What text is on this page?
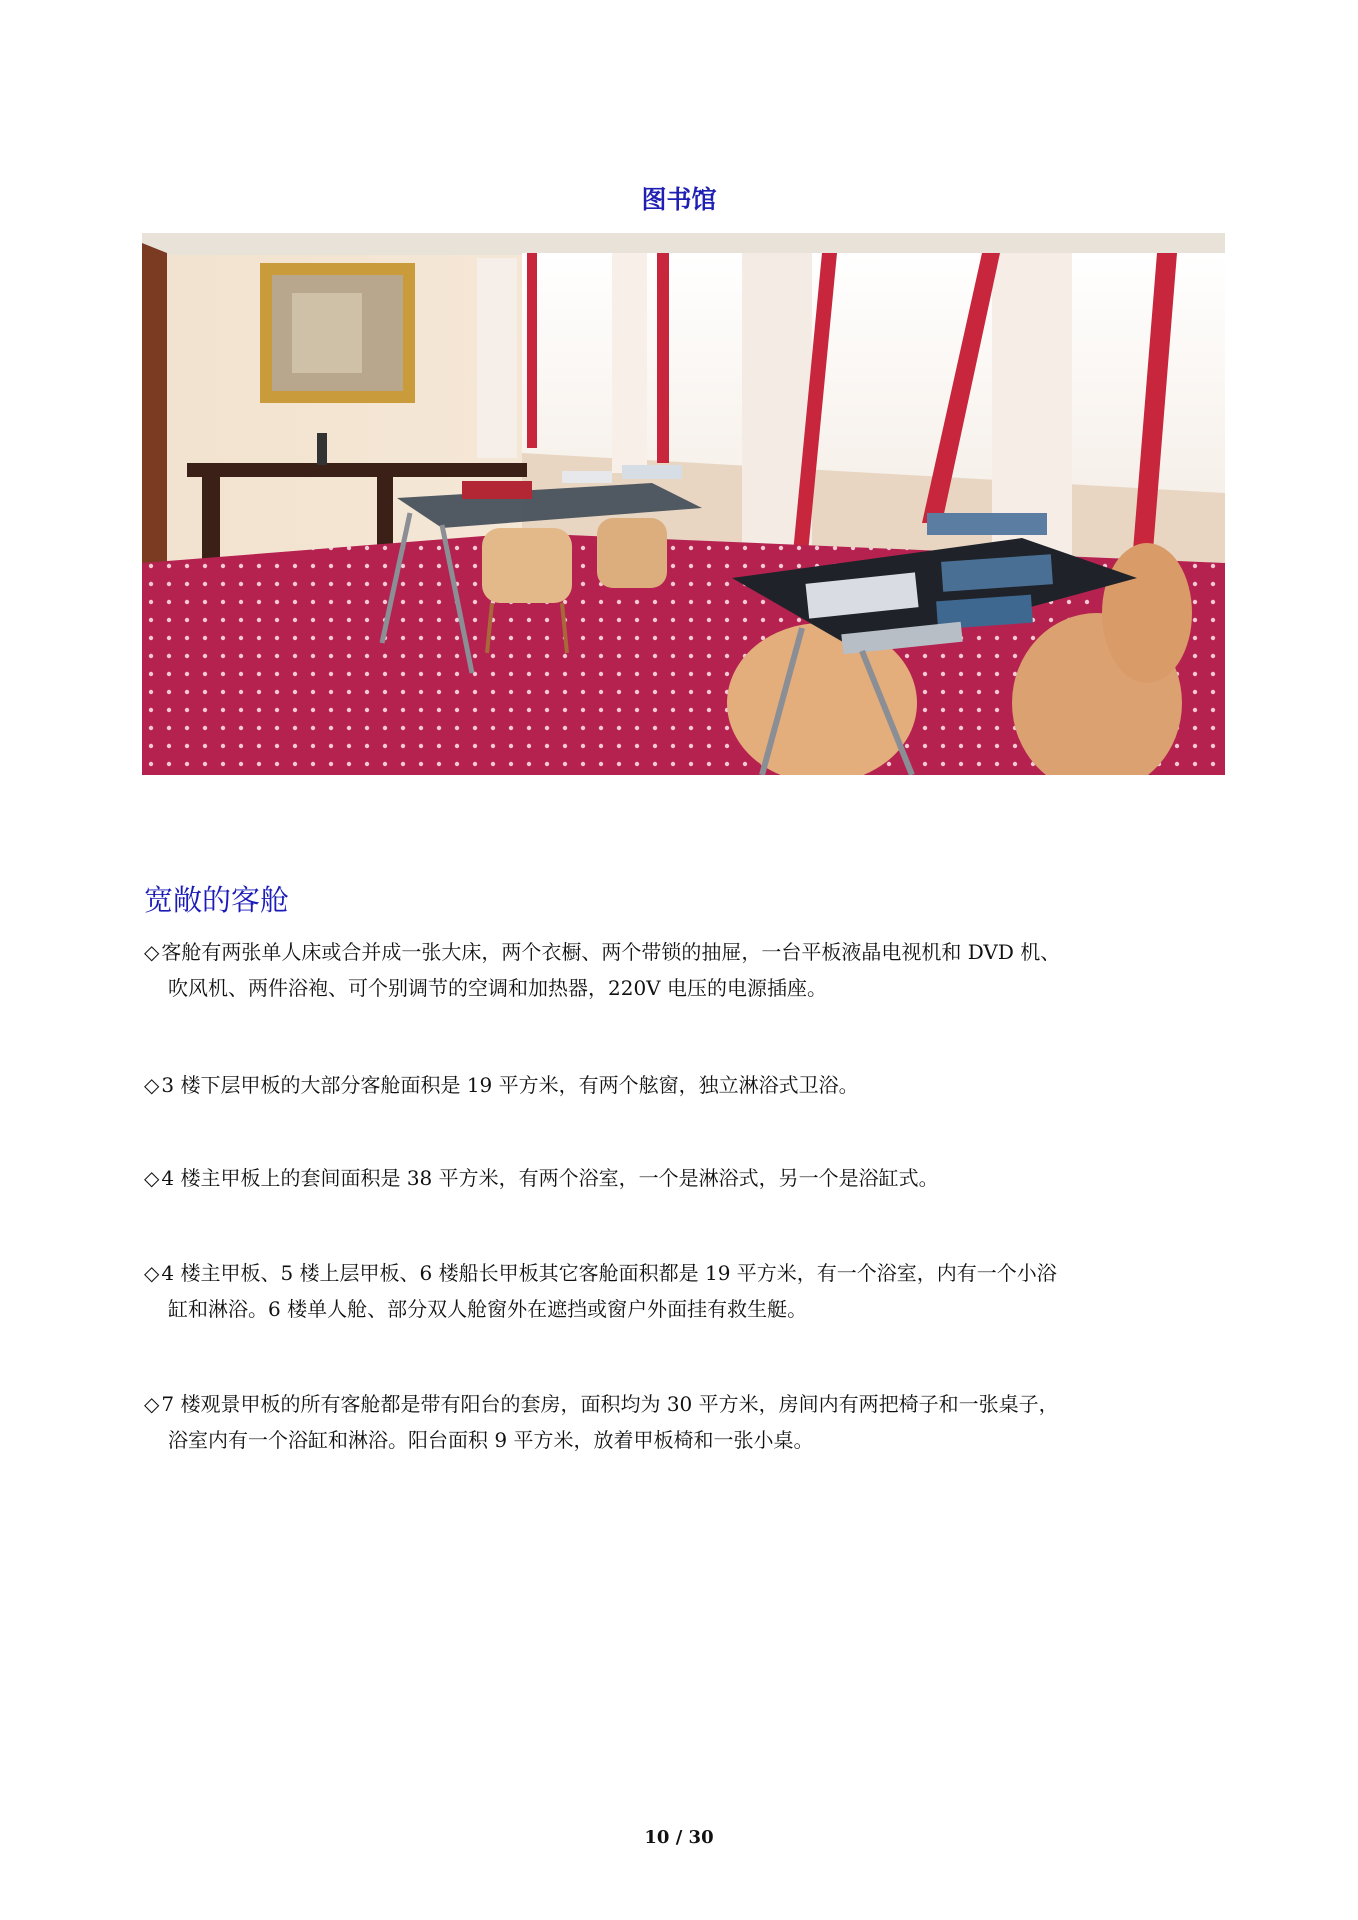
图书馆
宽敞的客舱
◇ 客舱有两张单人床或合并成一张大床，两个衣橱、两个带锁的抽屉，一台平板液晶电视机和 DVD 机、
吹风机、两件浴袍、可个别调节的空调和加热器，220V 电压的电源插座。
◇ 3 楼下层甲板的大部分客舱面积是 19 平方米，有两个舷窗，独立淋浴式卫浴。
◇ 4 楼主甲板上的套间面积是 38 平方米，有两个浴室，一个是淋浴式，另一个是浴缸式。
◇ 4 楼主甲板、5 楼上层甲板、6 楼船长甲板其它客舱面积都是 19 平方米，有一个浴室，内有一个小浴
缸和淋浴。6 楼单人舱、部分双人舱窗外在遮挡或窗户外面挂有救生艇。
◇ 7 楼观景甲板的所有客舱都是带有阳台的套房，面积均为 30 平方米，房间内有两把椅子和一张桌子，
浴室内有一个浴缸和淋浴。阳台面积 9 平方米，放着甲板椅和一张小桌。
10 / 30
